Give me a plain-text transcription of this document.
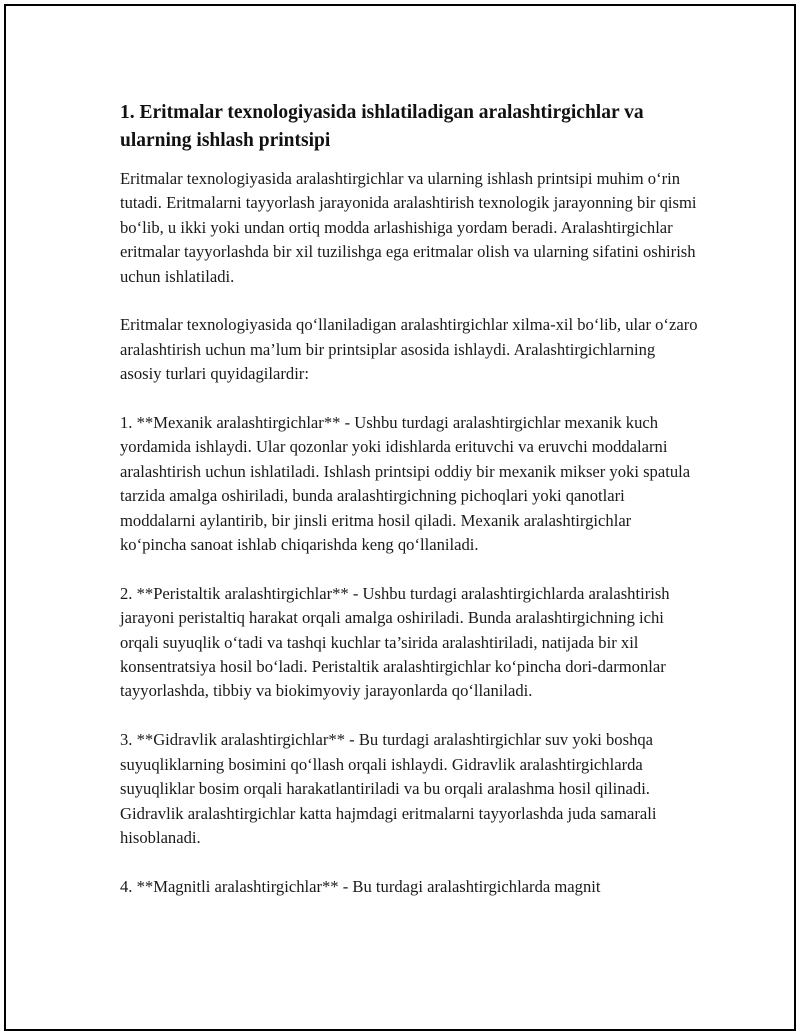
1. Eritmalar texnologiyasida ishlatiladigan aralashtirgichlar va ularning ishlash printsipi

Eritmalar texnologiyasida aralashtirgichlar va ularning ishlash printsipi muhim o‘rin tutadi. Eritmalarni tayyorlash jarayonida aralashtirish texnologik jarayonning bir qismi bo‘lib, u ikki yoki undan ortiq modda arlashishiga yordam beradi. Aralashtirgichlar eritmalar tayyorlashda bir xil tuzilishga ega eritmalar olish va ularning sifatini oshirish uchun ishlatiladi.

Eritmalar texnologiyasida qo‘llaniladigan aralashtirgichlar xilma-xil bo‘lib, ular o‘zaro aralashtirish uchun ma’lum bir printsiplar asosida ishlaydi. Aralashtirgichlarning asosiy turlari quyidagilardir:

1. **Mexanik aralashtirgichlar** - Ushbu turdagi aralashtirgichlar mexanik kuch yordamida ishlaydi. Ular qozonlar yoki idishlarda erituvchi va eruvchi moddalarni aralashtirish uchun ishlatiladi. Ishlash printsipi oddiy bir mexanik mikser yoki spatula tarzida amalga oshiriladi, bunda aralashtirgichning pichoqlari yoki qanotlari moddalarni aylantirib, bir jinsli eritma hosil qiladi. Mexanik aralashtirgichlar ko‘pincha sanoat ishlab chiqarishda keng qo‘llaniladi.

2. **Peristaltik aralashtirgichlar** - Ushbu turdagi aralashtirgichlarda aralashtirish jarayoni peristaltiq harakat orqali amalga oshiriladi. Bunda aralashtirgichning ichi orqali suyuqlik o‘tadi va tashqi kuchlar ta’sirida aralashtiriladi, natijada bir xil konsentratsiya hosil bo‘ladi. Peristaltik aralashtirgichlar ko‘pincha dori-darmonlar tayyorlashda, tibbiy va biokimyoviy jarayonlarda qo‘llaniladi.

3. **Gidravlik aralashtirgichlar** - Bu turdagi aralashtirgichlar suv yoki boshqa suyuqliklarning bosimini qo‘llash orqali ishlaydi. Gidravlik aralashtirgichlarda suyuqliklar bosim orqali harakatlantiriladi va bu orqali aralashma hosil qilinadi. Gidravlik aralashtirgichlar katta hajmdagi eritmalarni tayyorlashda juda samarali hisoblanadi.

4. **Magnitli aralashtirgichlar** - Bu turdagi aralashtirgichlarda magnit
